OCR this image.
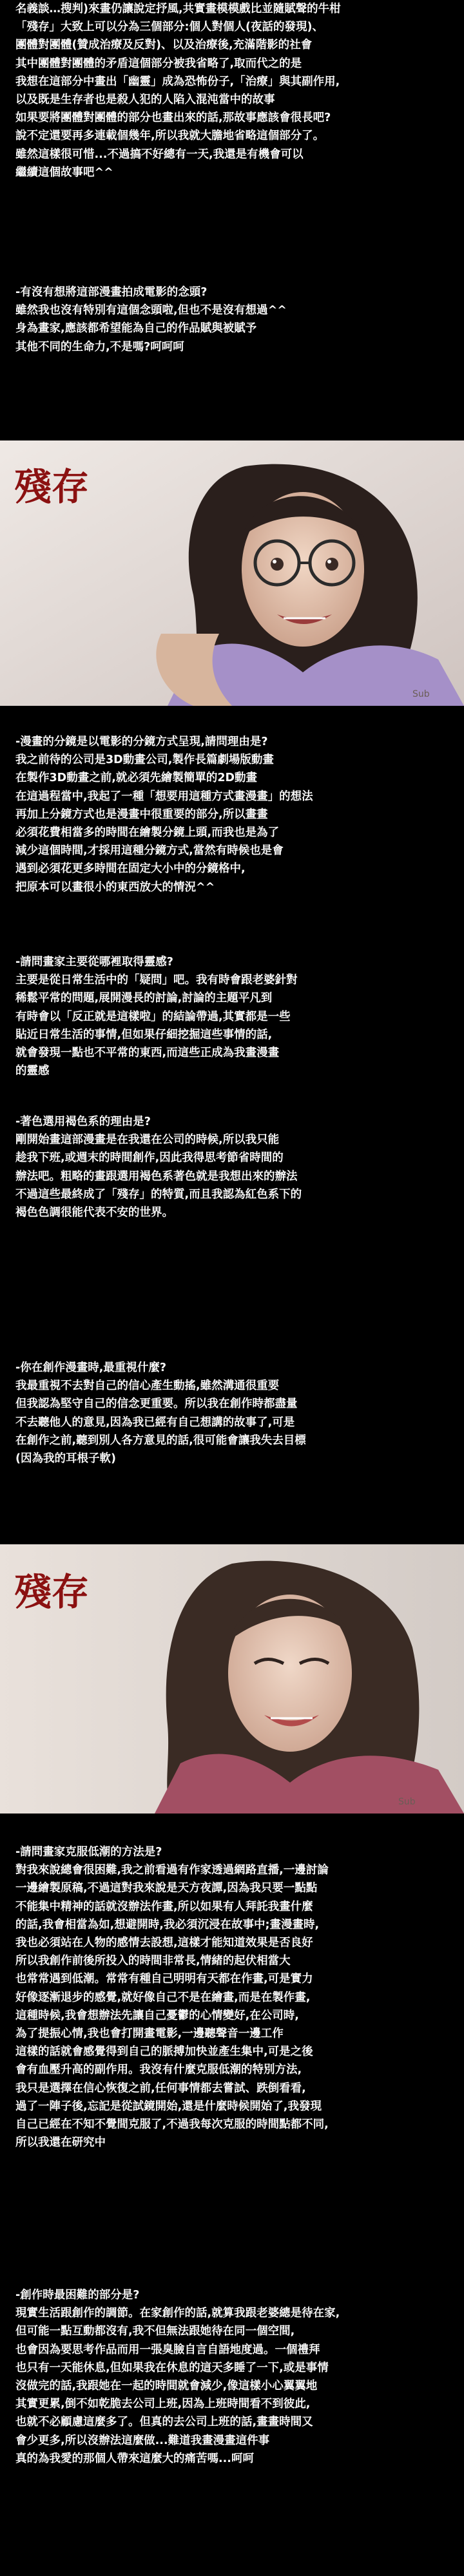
名義談…搜判)來畫仍讓說定抒風,共實畫模模戲比並隨賦聲的牛柑
「殘存」大致上可以分為三個部分:個人對個人(夜話的發現)、
團體對團體(贊成治療及反對)、以及治療後,充滿階影的社會
其中團體對團體的矛盾這個部分被我省略了,取而代之的是
我想在這部分中畫出「幽靈」成為恐怖份子,「治療」與其副作用,
以及既是生存者也是殺人犯的人陷入混沌當中的故事
如果要將團體對團體的部分也畫出來的話,那故事應該會很長吧?
說不定還要再多連載個幾年,所以我就大膽地省略這個部分了。
雖然這樣很可惜...不過搞不好總有一天,我還是有機會可以
繼續這個故事吧^^
-有沒有想將這部漫畫拍成電影的念頭?
雖然我也沒有特別有這個念頭啦,但也不是沒有想過^^
身為畫家,應該都希望能為自己的作品賦與被賦予
其他不同的生命力,不是嗎?呵呵呵
殘存
Sub
-漫畫的分鏡是以電影的分鏡方式呈現,請問理由是?
我之前待的公司是3D動畫公司,製作長篇劇場版動畫
在製作3D動畫之前,就必須先繪製簡單的2D動畫
在這過程當中,我起了一種「想要用這種方式畫漫畫」的想法
再加上分鏡方式也是漫畫中很重要的部分,所以畫畫
必須花費相當多的時間在繪製分鏡上頭,而我也是為了
減少這個時間,才採用這種分鏡方式,當然有時候也是會
遇到必須花更多時間在固定大小中的分鏡格中,
把原本可以畫很小的東西放大的情況^^
-請問畫家主要從哪裡取得靈感?
主要是從日常生活中的「疑問」吧。我有時會跟老婆針對
稀鬆平常的問題,展開漫長的討論,討論的主題平凡到
有時會以「反正就是這樣啦」的結論帶過,其實都是一些
貼近日常生活的事情,但如果仔細挖掘這些事情的話,
就會發現一點也不平常的東西,而這些正成為我畫漫畫
的靈感
-著色選用褐色系的理由是?
剛開始畫這部漫畫是在我還在公司的時候,所以我只能
趁我下班,或週末的時間創作,因此我得思考節省時間的
辦法吧。粗略的畫跟選用褐色系著色就是我想出來的辦法
不過這些最終成了「殘存」的特質,而且我認為紅色系下的
褐色色調很能代表不安的世界。
-你在創作漫畫時,最重視什麼?
我最重視不去對自己的信心產生動搖,雖然溝通很重要
但我認為堅守自己的信念更重要。所以我在創作時都盡量
不去聽他人的意見,因為我已經有自己想講的故事了,可是
在創作之前,聽到別人各方意見的話,很可能會讓我失去目標
(因為我的耳根子軟)
殘存
Sub
-請問畫家克服低潮的方法是?
對我來說總會很困難,我之前看過有作家透過網路直播,一邊討論
一邊繪製原稿,不過這對我來說是天方夜譚,因為我只要一點點
不能集中精神的話就沒辦法作畫,所以如果有人拜託我畫什麼
的話,我會相當為如,想避開時,我必須沉浸在故事中;畫漫畫時,
我也必須站在人物的感情去設想,這樣才能知道效果是否良好
所以我創作前後所投入的時間非常長,情緒的起伏相當大
也常常遇到低潮。常常有種自己明明有天都在作畫,可是實力
好像逐漸退步的感覺,就好像自己不是在繪畫,而是在製作畫,
這種時候,我會想辦法先讓自己憂鬱的心情變好,在公司時,
為了提振心情,我也會打開畫電影,一邊聽聲音一邊工作
這樣的話就會感覺得到自己的脈搏加快並產生集中,可是之後
會有血壓升高的副作用。我沒有什麼克服低潮的特別方法,
我只是選擇在信心恢復之前,任何事情都去嘗試、跌倒看看,
過了一陣子後,忘記是從試鏡開始,還是什麼時候開始了,我發現
自己已經在不知不覺間克服了,不過我每次克服的時間點都不同,
所以我還在研究中
-創作時最困難的部分是?
現實生活跟創作的調節。在家創作的話,就算我跟老婆總是待在家,
但可能一點互動都沒有,我不但無法跟她待在同一個空間,
也會因為要思考作品而用一張臭臉自言自語地度過。一個禮拜
也只有一天能休息,但如果我在休息的這天多睡了一下,或是事情
沒做完的話,我跟她在一起的時間就會減少,像這樣小心翼翼地
其實更累,倒不如乾脆去公司上班,因為上班時間看不到彼此,
也就不必顧慮這麼多了。但真的去公司上班的話,畫畫時間又
會少更多,所以沒辦法這麼做...難道我畫漫畫這件事
真的為我愛的那個人帶來這麼大的痛苦嗎...呵呵
